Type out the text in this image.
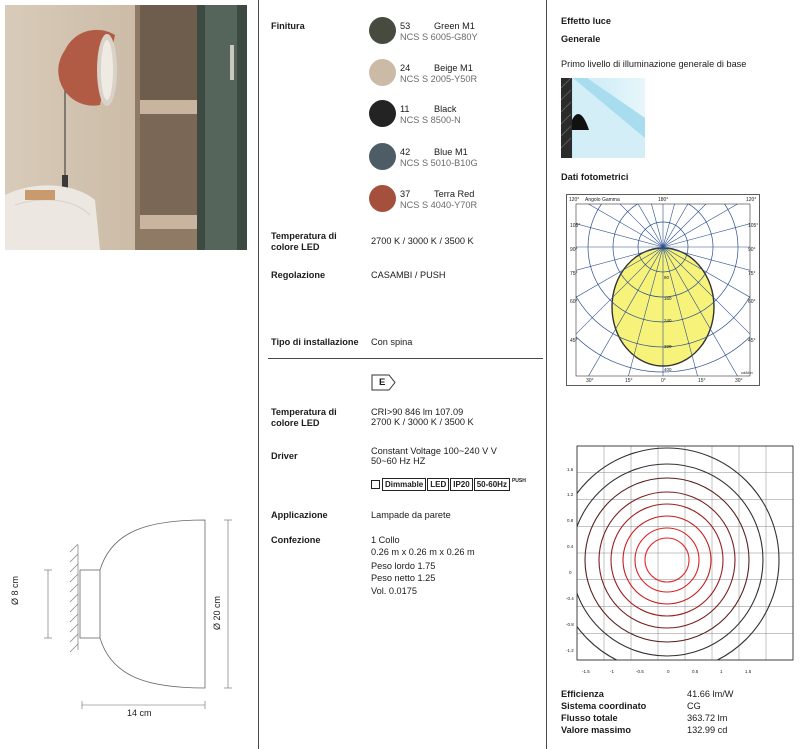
Ø 8 cm
Ø 20 cm
14 cm
Finitura	53	Green M1
NCS S 6005-G80Y
24	Beige M1
NCS S 2005-Y50R
11	Black
NCS S 8500-N
42	Blue M1
NCS S 5010-B10G
37	Terra Red
NCS S 4040-Y70R
Temperatura di colore LED
2700 K / 3000 K / 3500 K
Regolazione	CASAMBI / PUSH
Tipo di installazione Con spina
E
Temperatura di colore LED
CRI>90 846 lm 107.09
2700 K / 3000 K / 3500 K
Driver	Constant Voltage 100~240 V V
50~60 Hz HZ
Dimmable LED IP20 50-60Hz	PUSH
Applicazione	Lampade da parete
Confezione	1 Collo
0.26 m x 0.26 m x 0.26 m
Peso lordo 1.75
Peso netto 1.25
Vol. 0.0175
Effetto luce
Generale
Primo livello di illuminazione generale di base
Dati fotometrici
120° Angolo Gamma	180°	120°
105°
90°
75°
60°
45°
105°
90°
75°
60°
45°
30°	15°	0°	15°	30°
80
160
240
320
400
cd/klm
1.6
1.2
0.8
0.4
0
-0.4
-0.8
-1.2
-1.5	-1	-0.5	0	0.5	1	1.5
Efficienza	41.66 lm/W
Sistema coordinato	CG
Flusso totale	363.72 lm
Valore massimo	132.99 cd
